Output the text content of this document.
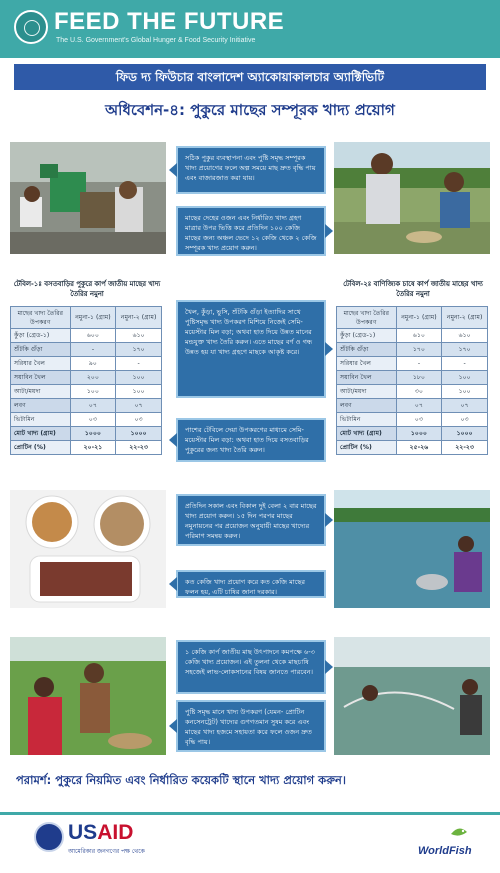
FEED THE FUTURE
The U.S. Government's Global Hunger & Food Security Initiative
ফিড দ্য ফিউচার বাংলাদেশ অ্যাকোয়াকালচার অ্যাক্টিভিটি
অধিবেশন-৪: পুকুরে মাছের সম্পূরক খাদ্য প্রয়োগ
সঠিক পুকুর ব্যবস্থাপনা এবং পুষ্টি সমৃদ্ধ সম্পূরক খাদ্য প্রয়োগের ফলে অল্প সময়ে মাছ দ্রুত বৃদ্ধি পায় এবং বাজারজাত করা যায়।
মাছের দেহের ওজন এবং নির্ধারিত খাদ্য গ্রহণ মাত্রার উপর ভিত্তি করে প্রতিদিন ১০০ কেজি মাছের জন্য অঞ্চল ভেদে ১২ কেজি থেকে ২ কেজি সম্পূরক খাদ্য প্রয়োগ করুন।
টেবিল-১ঃ বসতবাড়ির পুকুরে কার্প জাতীয় মাছের খাদ্য তৈরির নমুনা
মাছের খাদ্য তৈরির উপকরণ	নমুনা-১ (গ্রাম)	নমুনা-২ (গ্রাম)
কুঁড়া (গ্রেড-১)	৬০০	৬১০
শুঁটকি গুঁড়া	-	১৭০
সরিষার খৈল	৯০	-
সয়াবিন খৈল	২০০	১০০
আটা/ময়দা	১০০	১০০
লবণ	০৭	০৭
ভিটামিন	০৩	০৩
মোট খাদ্য (গ্রাম)	১০০০	১০০০
প্রোটিন (%)	২০-২১	২২-২৩
টেবিল-২ঃ বাণিজ্যিক চাষে কার্প জাতীয় মাছের খাদ্য তৈরির নমুনা
মাছের খাদ্য তৈরির উপকরণ	নমুনা-১ (গ্রাম)	নমুনা-২ (গ্রাম)
কুঁড়া (গ্রেড-১)	৬১০	৬১০
শুঁটকি গুঁড়া	১৭০	১৭০
সরিষার খৈল	-	-
সয়াবিন খৈল	১৮০	১০০
আটা/ময়দা	৩০	১০০
লবণ	০৭	০৭
ভিটামিন	০৩	০৩
মোট খাদ্য (গ্রাম)	১০০০	১০০০
প্রোটিন (%)	২৫-২৬	২২-২৩
খৈল, কুঁড়া, ভুসি, শুঁটকি গুঁড়া ইত্যাদির সাথে পুষ্টিসমৃদ্ধ খাদ্য উপকরণ মিশিয়ে নিজেই সেমি-ময়েস্টার মিল বড়া; অথবা হাত দিয়ে উন্নত মানের মন্ডযুক্ত খাদ্য তৈরি করুন। এতে মাছের বর্ণ ও গন্ধ উন্নত হয় যা খাদ্য গ্রহণে মাছকে আকৃষ্ট করে।
পাশের টেবিলে দেয়া উপকরণের মাধ্যমে সেমি-ময়েস্টার মিল বড়া: অথবা হাত দিয়ে বসতবাড়ির পুকুরের জন্য খাদ্য তৈরি করুন।
প্রতিদিন সকাল এবং বিকাল দুই বেলা ২ বার মাছের খাদ্য প্রয়োগ করুন। ১৫ দিন পরপর মাছের নমুনায়নের পর প্রয়োজন অনুযায়ী মাছের খাদ্যের পরিমাণ সমন্বয় করুন।
কত কেজি খাদ্য প্রয়োগ করে কত কেজি মাছের ফলন হয়, এটি চাষির জানা দরকার।
১ কেজি কার্প জাতীয় মাছ উৎপাদনে কমপক্ষে ৬-৩ কেজি খাদ্য প্রয়োজন। এই তুলনা থেকে মাছচাষি সহজেই লাভ-লোকসানের বিষয় জানতে পারবেন।
পুষ্টি সমৃদ্ধ মানে খাদ্য উপকরণ (যেমন- প্রোটিন কনসেনট্রেট) খাদ্যের গুণগতমান সুষম করে এবং মাছের খাদ্য হজমে সহায়তা করে ফলে ওজন দ্রুত বৃদ্ধি পায়।
পরামর্শ: পুকুরে নিয়মিত এবং নির্ধারিত কয়েকটি স্থানে খাদ্য প্রয়োগ করুন।
USAID
আমেরিকার জনগণের পক্ষ থেকে	WorldFish
